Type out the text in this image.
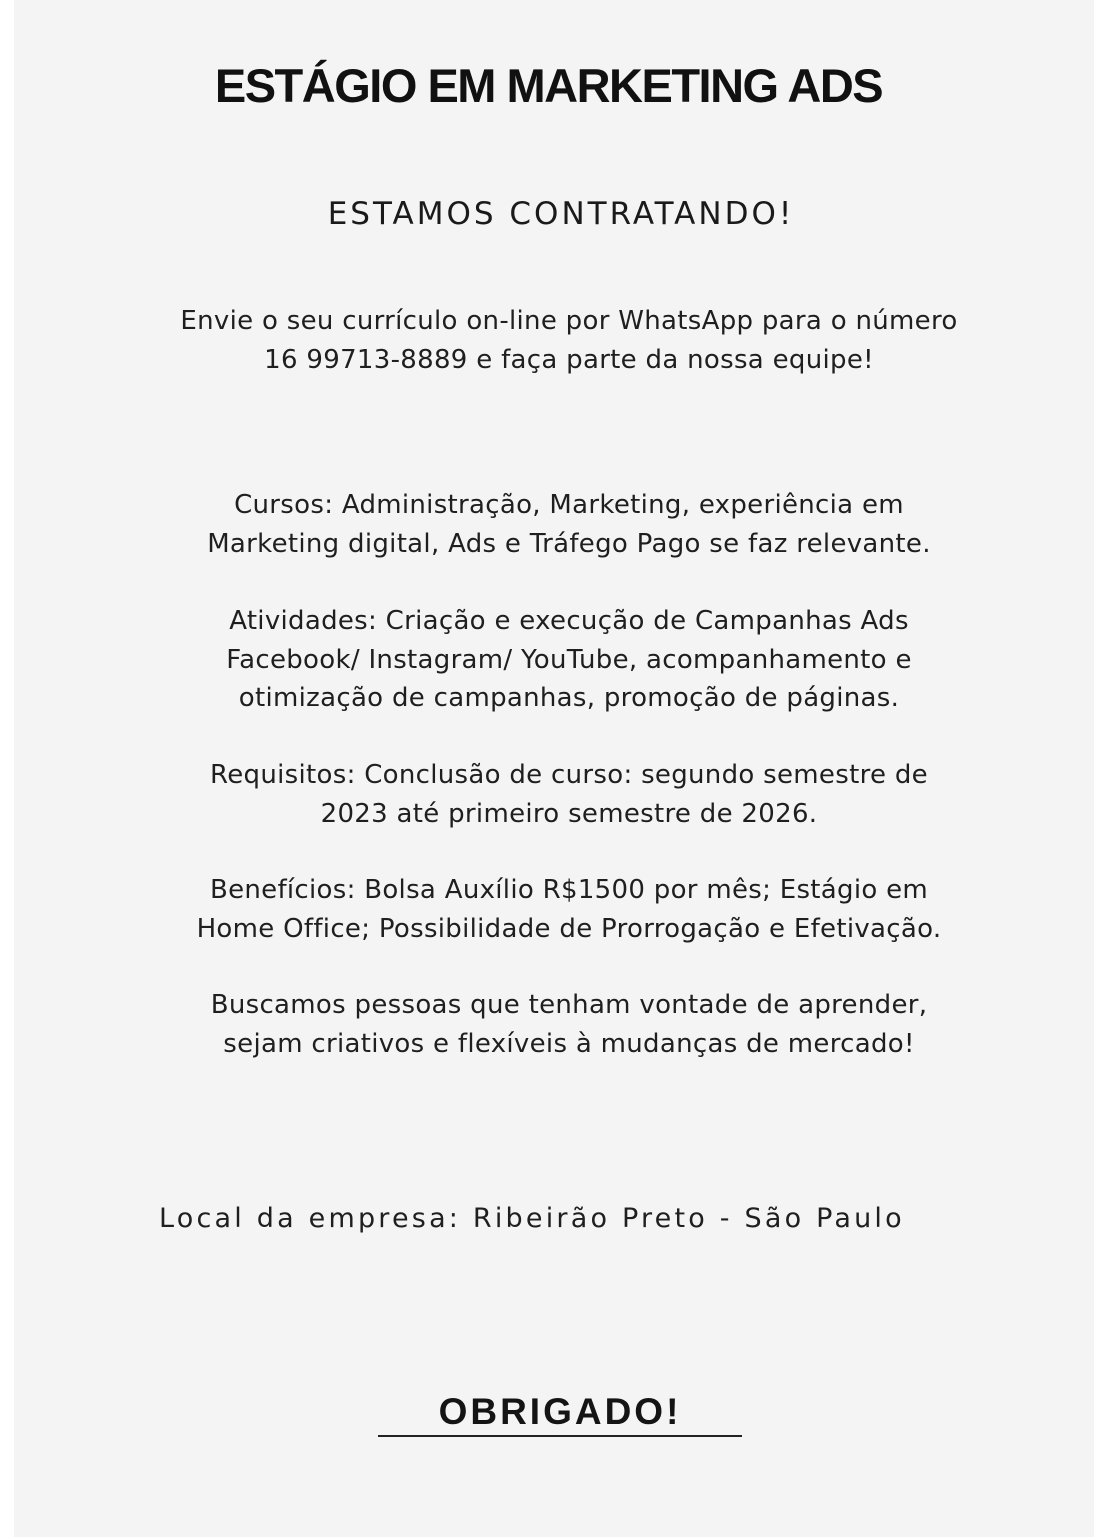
ESTÁGIO EM MARKETING ADS
ESTAMOS CONTRATANDO!

Envie o seu currículo on-line por WhatsApp para o número
16 99713-8889 e faça parte da nossa equipe!

Cursos: Administração, Marketing, experiência em
Marketing digital, Ads e Tráfego Pago se faz relevante.

Atividades: Criação e execução de Campanhas Ads
Facebook/ Instagram/ YouTube, acompanhamento e
otimização de campanhas, promoção de páginas.

Requisitos: Conclusão de curso: segundo semestre de
2023 até primeiro semestre de 2026.

Benefícios: Bolsa Auxílio R$1500 por mês; Estágio em
Home Office; Possibilidade de Prorrogação e Efetivação.

Buscamos pessoas que tenham vontade de aprender,
sejam criativos e flexíveis à mudanças de mercado!

Local da empresa: Ribeirão Preto - São Paulo

OBRIGADO!
